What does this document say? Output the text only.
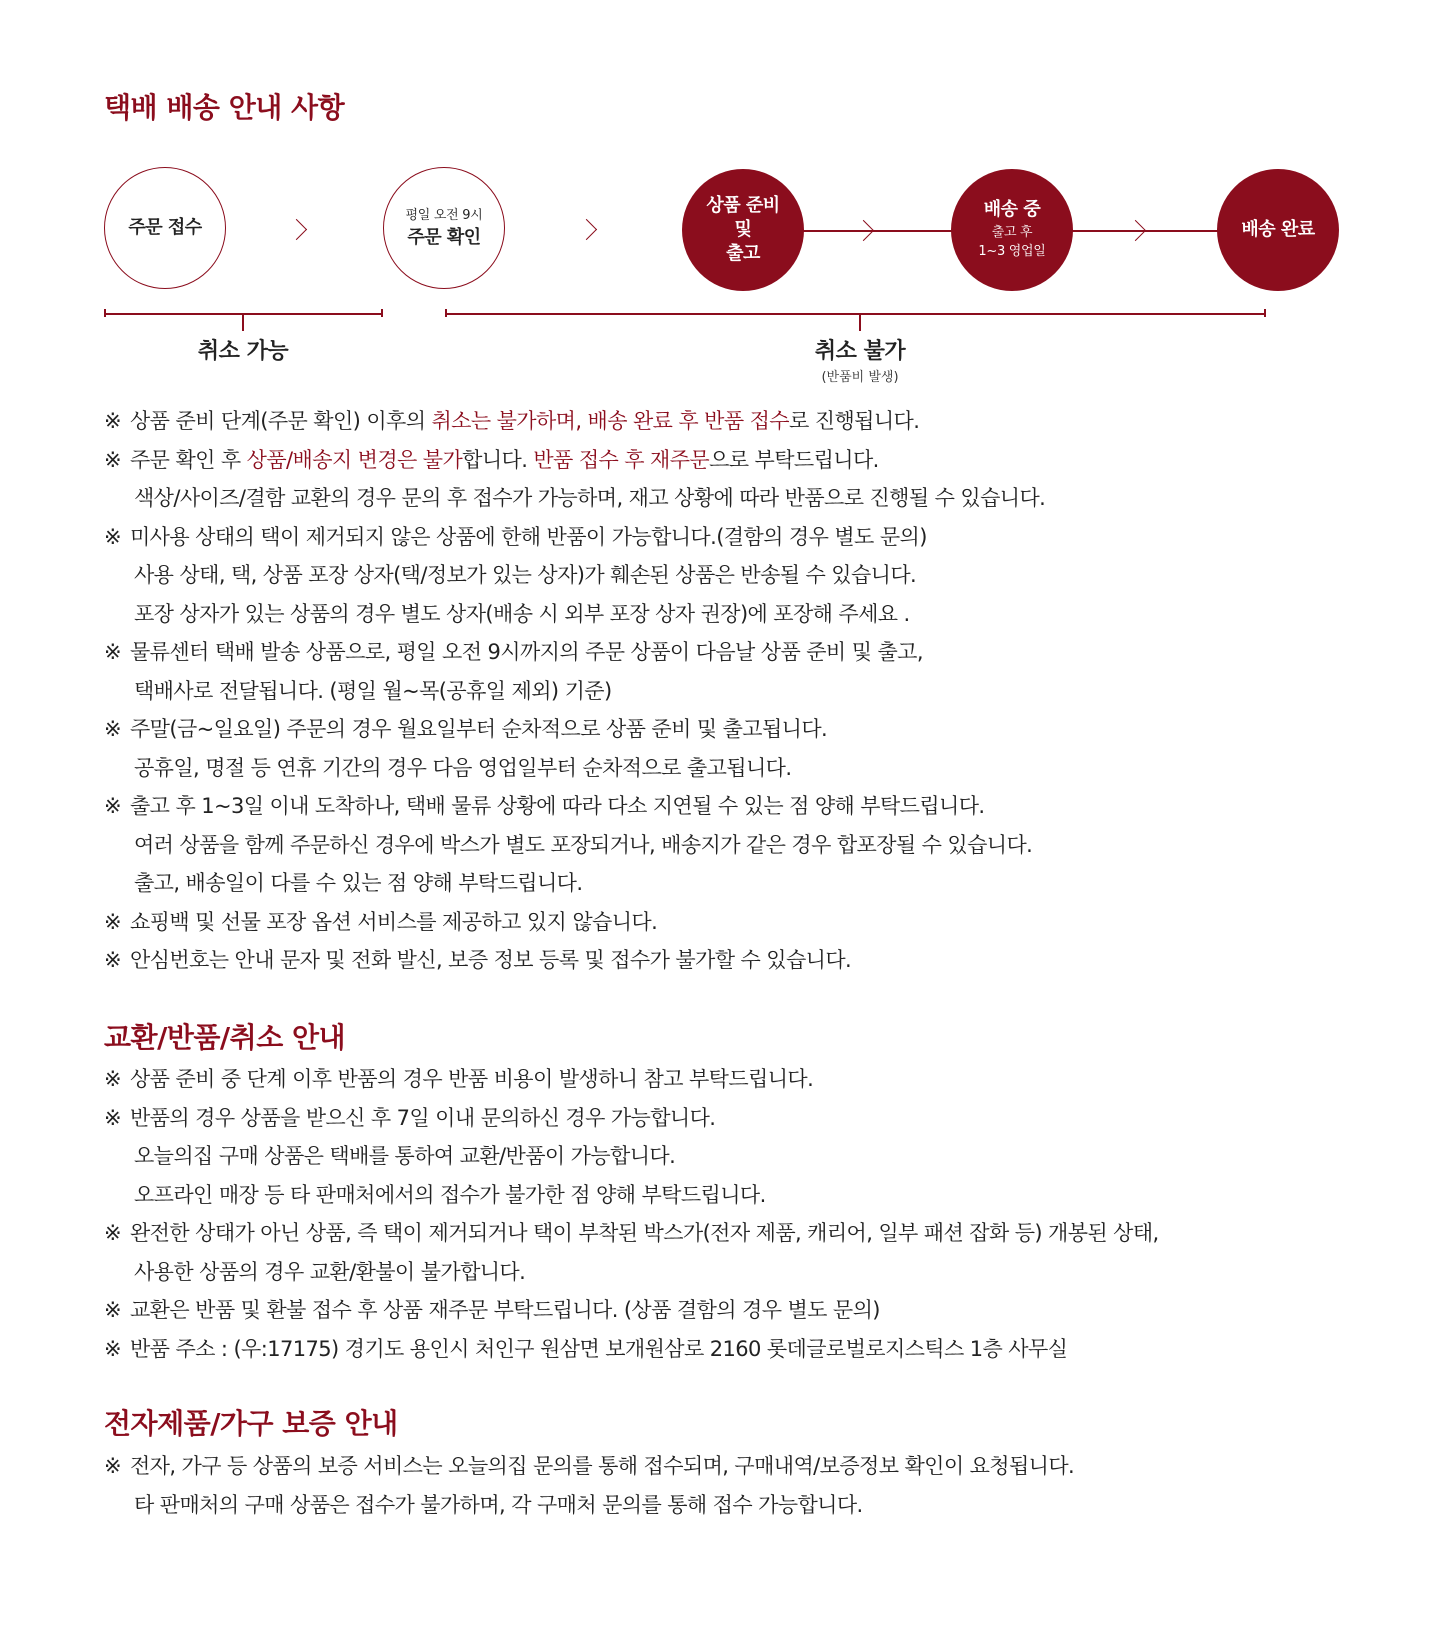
택배 배송 안내 사항
주문 접수
평일 오전 9시
주문 확인
상품 준비
및
출고
배송 중
출고 후
1~3 영업일
배송 완료
취소 가능	취소 불가
(반품비 발생)
※ 상품 준비 단계(주문 확인) 이후의 취소는 불가하며, 배송 완료 후 반품 접수로 진행됩니다.
※ 주문 확인 후 상품/배송지 변경은 불가합니다. 반품 접수 후 재주문으로 부탁드립니다.
색상/사이즈/결함 교환의 경우 문의 후 접수가 가능하며, 재고 상황에 따라 반품으로 진행될 수 있습니다.
※ 미사용 상태의 택이 제거되지 않은 상품에 한해 반품이 가능합니다.(결함의 경우 별도 문의)
사용 상태, 택, 상품 포장 상자(택/정보가 있는 상자)가 훼손된 상품은 반송될 수 있습니다.
포장 상자가 있는 상품의 경우 별도 상자(배송 시 외부 포장 상자 권장)에 포장해 주세요 .
※ 물류센터 택배 발송 상품으로, 평일 오전 9시까지의 주문 상품이 다음날 상품 준비 및 출고,
택배사로 전달됩니다. (평일 월~목(공휴일 제외) 기준)
※ 주말(금~일요일) 주문의 경우 월요일부터 순차적으로 상품 준비 및 출고됩니다.
공휴일, 명절 등 연휴 기간의 경우 다음 영업일부터 순차적으로 출고됩니다.
※ 출고 후 1~3일 이내 도착하나, 택배 물류 상황에 따라 다소 지연될 수 있는 점 양해 부탁드립니다.
여러 상품을 함께 주문하신 경우에 박스가 별도 포장되거나, 배송지가 같은 경우 합포장될 수 있습니다.
출고, 배송일이 다를 수 있는 점 양해 부탁드립니다.
※ 쇼핑백 및 선물 포장 옵션 서비스를 제공하고 있지 않습니다.
※ 안심번호는 안내 문자 및 전화 발신, 보증 정보 등록 및 접수가 불가할 수 있습니다.
교환/반품/취소 안내
※ 상품 준비 중 단계 이후 반품의 경우 반품 비용이 발생하니 참고 부탁드립니다.
※ 반품의 경우 상품을 받으신 후 7일 이내 문의하신 경우 가능합니다.
오늘의집 구매 상품은 택배를 통하여 교환/반품이 가능합니다.
오프라인 매장 등 타 판매처에서의 접수가 불가한 점 양해 부탁드립니다.
※ 완전한 상태가 아닌 상품, 즉 택이 제거되거나 택이 부착된 박스가(전자 제품, 캐리어, 일부 패션 잡화 등) 개봉된 상태,
사용한 상품의 경우 교환/환불이 불가합니다.
※ 교환은 반품 및 환불 접수 후 상품 재주문 부탁드립니다. (상품 결함의 경우 별도 문의)
※ 반품 주소 : (우:17175) 경기도 용인시 처인구 원삼면 보개원삼로 2160 롯데글로벌로지스틱스 1층 사무실
전자제품/가구 보증 안내
※ 전자, 가구 등 상품의 보증 서비스는 오늘의집 문의를 통해 접수되며, 구매내역/보증정보 확인이 요청됩니다.
타 판매처의 구매 상품은 접수가 불가하며, 각 구매처 문의를 통해 접수 가능합니다.
